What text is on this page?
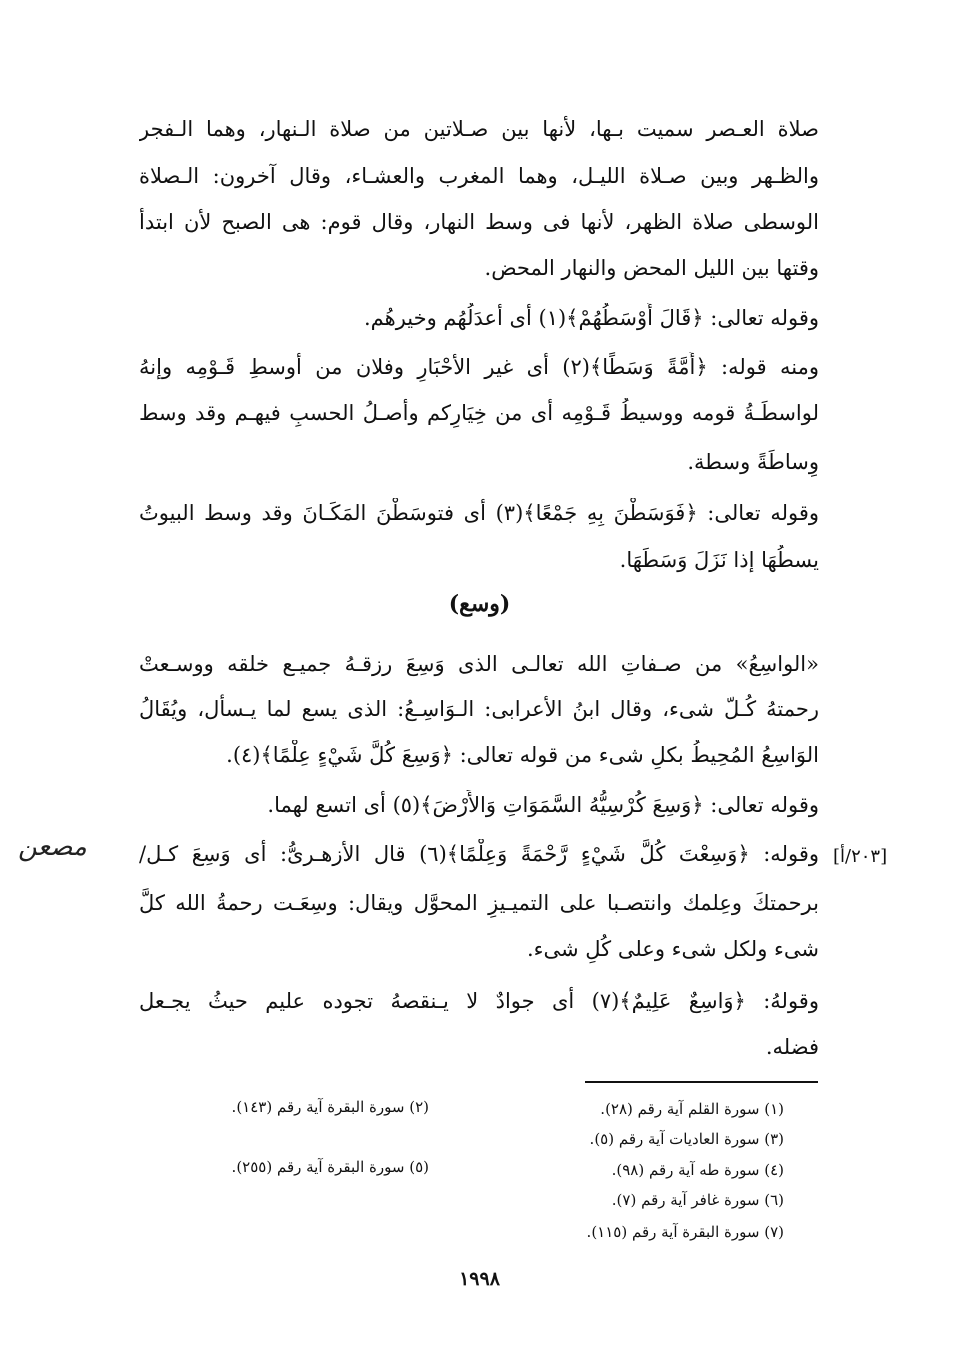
صلاة العـصر سميت بـها، لأنها بين صـلاتين من صلاة الـنهار، وهما الـفجر
والظـهر وبين صـلاة الليـل، وهما المغرب والعشـاء، وقال آخرون: الـصلاة
الوسطى صلاة الظهر، لأنها فى وسط النهار، وقال قوم: هى الصبح لأن ابتدأ
وقتها بين الليل المحض والنهار المحض.
وقوله تعالى: ﴿قَالَ أَوْسَطُهُمْ﴾(١) أى أعدَلُهُم وخيرهُم.
ومنه قوله: ﴿أُمَّةً وَسَطًا﴾(٢) أى غير الأحْبَارِ وفلان من أوسطِ قَـوْمِه وإنهُ
لواسطَـةُ قومه ووسيطُ قَـوْمِه أى من خِيَارِكم وأصـلُ الحسبِ فيهـم وقد وسط
وِساطَةً وسطة.
وقوله تعالى: ﴿فَوَسَطْنَ بِهِ جَمْعًا﴾(٣) أى فتوسَطْنَ المَكَـانَ وقد وسط البيوتُ
يسطُهَا إذا نَزَلَ وَسَطَهَا.
(وسع)
«الواسِعُ» من صـفاتِ الله تعالـى الذى وَسِعَ رزقـهُ جميـع خلقه ووسـعتْ
رحمتهُ كُـلّ شىء، وقال ابنُ الأعرابى: الـوَاسِـعُ: الذى يسع لما يـسأل، ويُقَالُ
الوَاسِعُ المُحِيطُ بكلِ شىء من قوله تعالى: ﴿وَسِعَ كُلَّ شَيْءٍ عِلْمًا﴾(٤).
وقوله تعالى: ﴿وَسِعَ كُرْسِيُّهُ السَّمَوَاتِ وَالأَرْضَ﴾(٥) أى اتسع لهما.
وقوله: ﴿وَسِعْتَ كُلَّ شَيْءٍ رَّحْمَةً وَعِلْمًا﴾(٦) قال الأزهـرىُّ: أى وَسِعَ كـل/
برحمتكَ وعِلمك وانتصـبا على التميـيزِ المحوَّل ويقال: وسِعَـت رحمةُ الله كلَّ
شىء ولكل شىء وعلى كُلِ شىء.
وقولهُ: ﴿وَاسِعٌ عَلِيمٌ﴾(٧) أى جوادٌ لا يـنقصهُ تجوده عليم حيثُ يجـعل
فضله.
[٢٠٣/أ]
مصعن
(١) سورة القلم آية رقم (٢٨).
(٣) سورة العاديات آية رقم (٥).
(٤) سورة طه آية رقم (٩٨).
(٦) سورة غافر آية رقم (٧).
(٧) سورة البقرة آية رقم (١١٥).
(٢) سورة البقرة آية رقم (١٤٣).
(٥) سورة البقرة آية رقم (٢٥٥).
١٩٩٨
